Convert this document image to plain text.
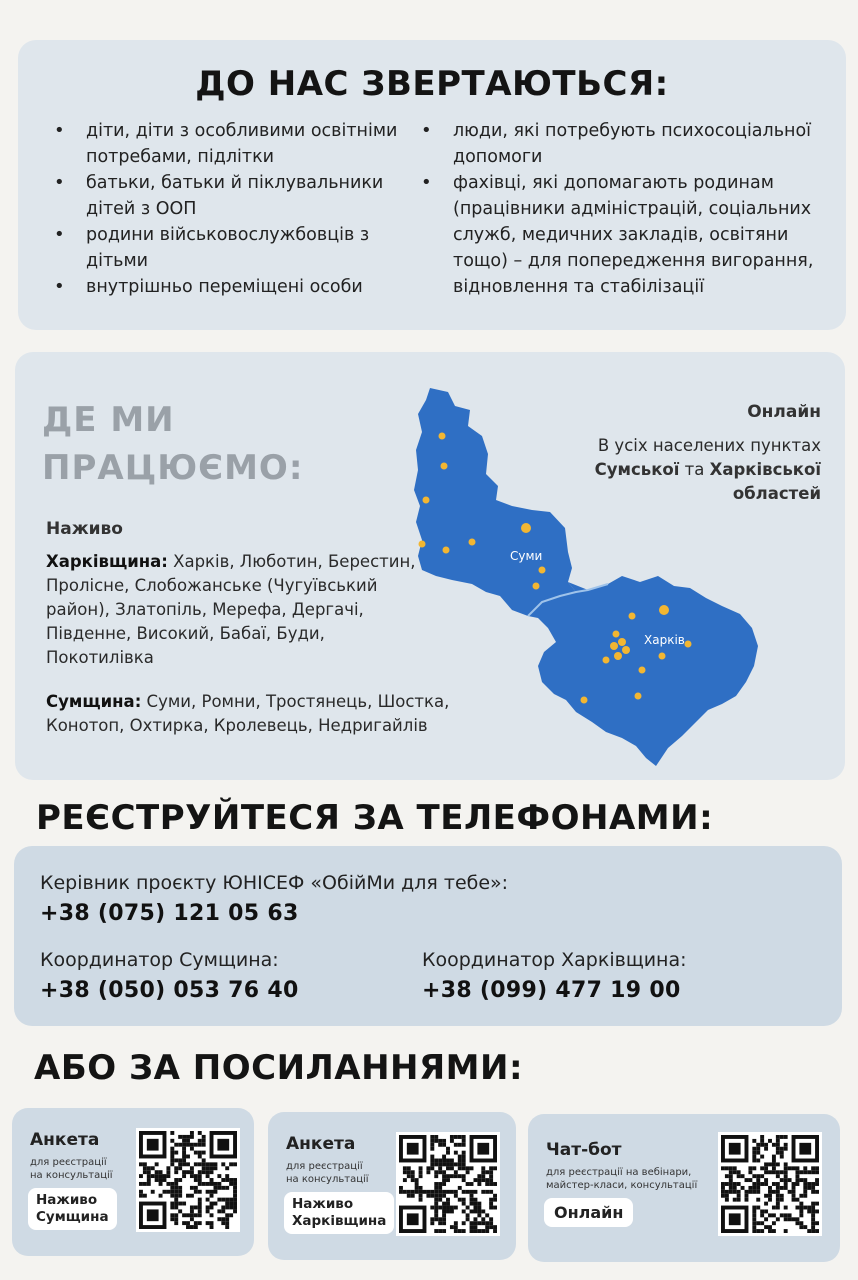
ДО НАС ЗВЕРТАЮТЬСЯ:
• діти, діти з особливими освітніми потребами, підлітки
• батьки, батьки й піклувальники дітей з ООП
• родини військовослужбовців з дітьми
• внутрішньо переміщені особи
• люди, які потребують психосоціальної допомоги
• фахівці, які допомагають родинам (працівники адміністрацій, соціальних служб, медичних закладів, освітяни тощо) – для попередження вигорання, відновлення та стабілізації
ДЕ МИ
ПРАЦЮЄМО:
Суми
Харків
Наживо
Харківщина: Харків, Люботин, Берестин, Пролісне, Слобожанське (Чугуївський район), Златопіль, Мерефа, Дергачі, Південне, Високий, Бабаї, Буди, Покотилівка
Сумщина: Суми, Ромни, Тростянець, Шостка, Конотоп, Охтирка, Кролевець, Недригайлів
Онлайн
В усіх населених пунктах
Сумської та Харківської
областей
РЕЄСТРУЙТЕСЯ ЗА ТЕЛЕФОНАМИ:
Керівник проєкту ЮНІСЕФ «ОбійМи для тебе»:
+38 (075) 121 05 63
Координатор Сумщина:
+38 (050) 053 76 40
Координатор Харківщина:
+38 (099) 477 19 00
АБО ЗА ПОСИЛАННЯМИ:
Анкета
для реєстрації
на консультації
Наживо
Сумщина
Анкета
для реєстрації
на консультації
Наживо
Харківщина
Чат-бот
для реєстрації на вебінари,
майстер-класи, консультації
Онлайн
